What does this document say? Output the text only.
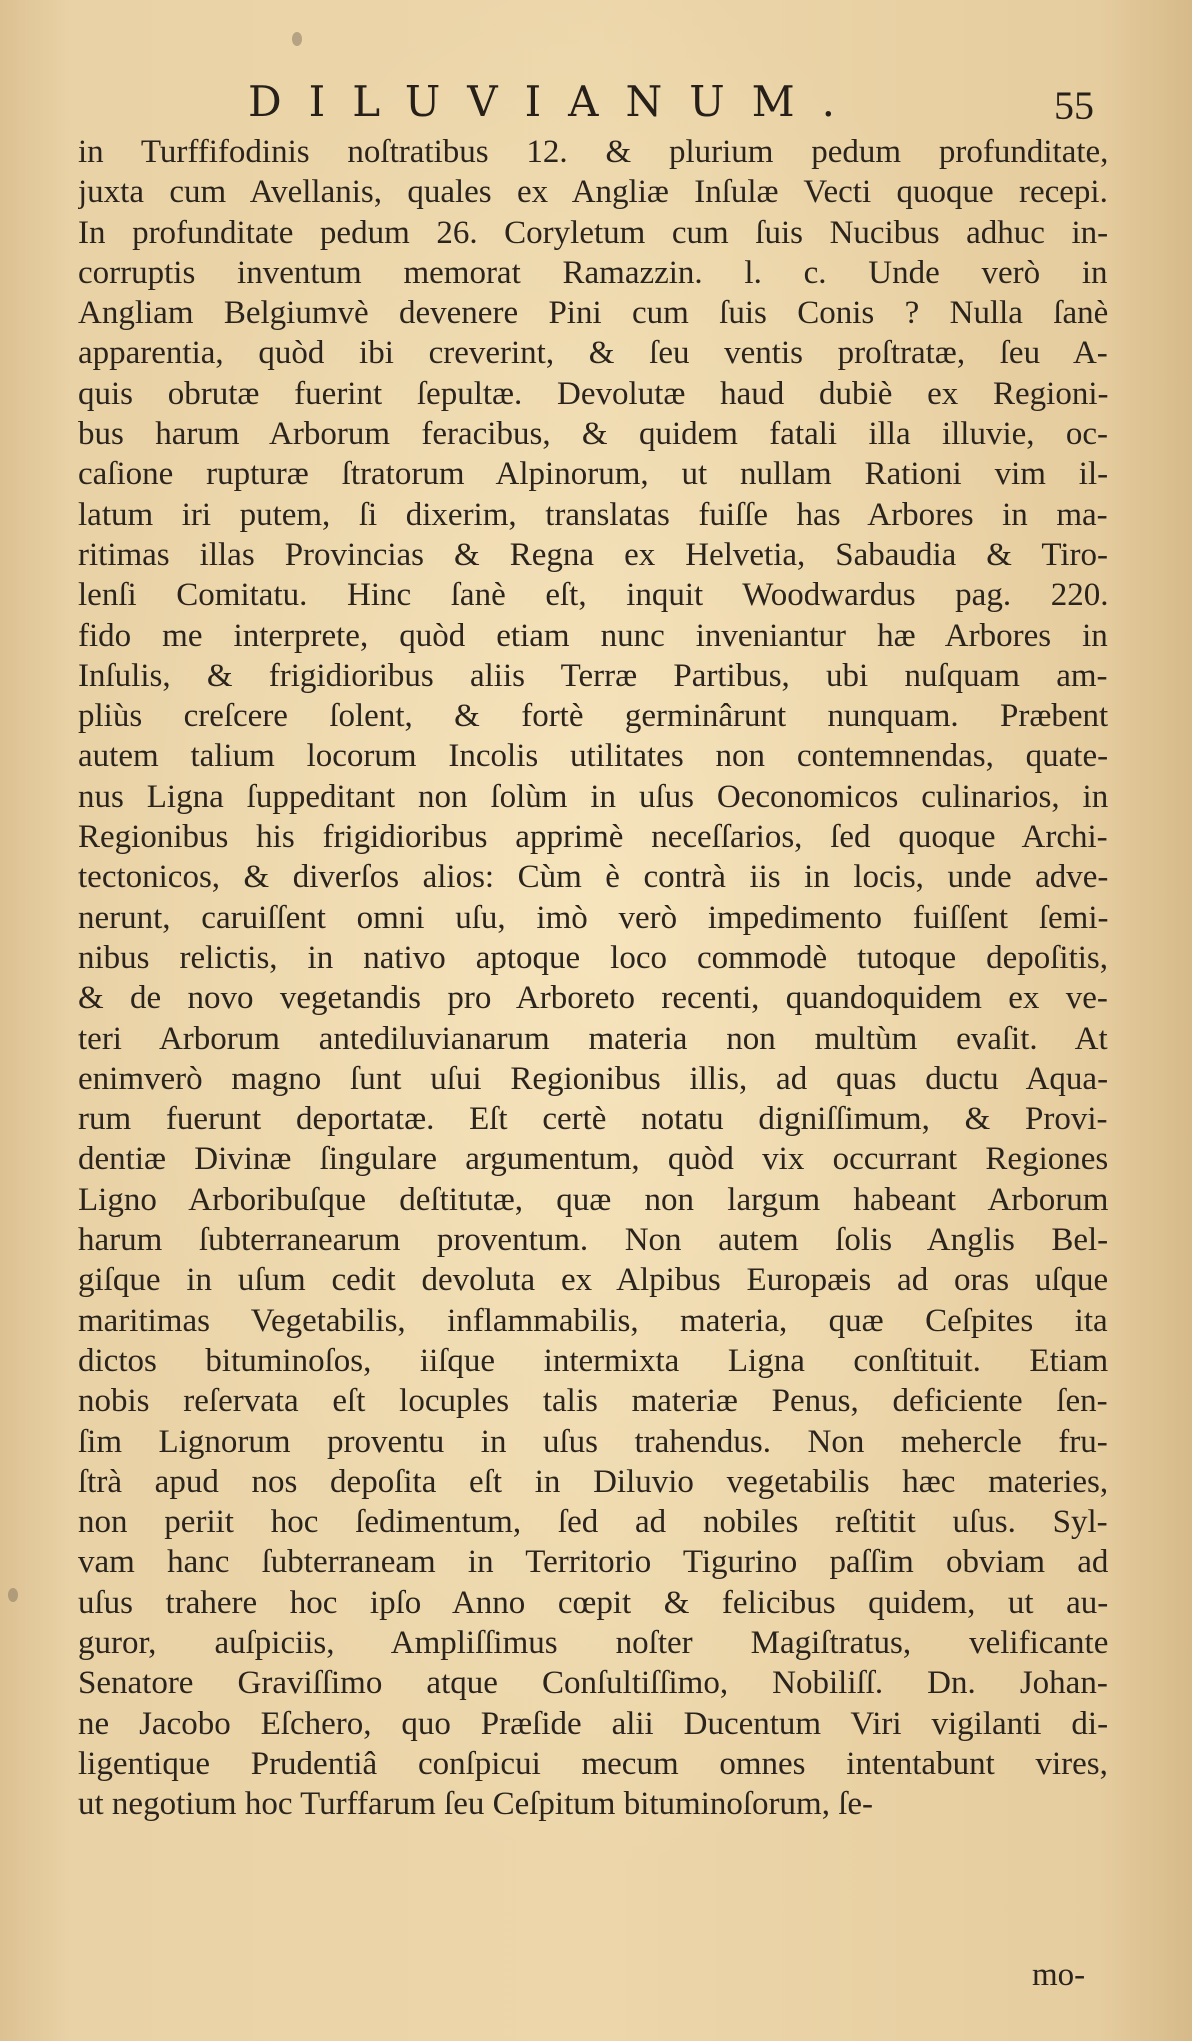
DILUVIANUM.	55
in Turffifodinis noſtratibus 12. & plurium pedum profunditate,
juxta cum Avellanis, quales ex Angliæ Inſulæ Vecti quoque recepi.
In profunditate pedum 26. Coryletum cum ſuis Nucibus adhuc in-
corruptis inventum memorat Ramazzin. l. c. Unde verò in
Angliam Belgiumvè devenere Pini cum ſuis Conis ? Nulla ſanè
apparentia, quòd ibi creverint, & ſeu ventis proſtratæ, ſeu A-
quis obrutæ fuerint ſepultæ. Devolutæ haud dubiè ex Regioni-
bus harum Arborum feracibus, & quidem fatali illa illuvie, oc-
caſione rupturæ ſtratorum Alpinorum, ut nullam Rationi vim il-
latum iri putem, ſi dixerim, translatas fuiſſe has Arbores in ma-
ritimas illas Provincias & Regna ex Helvetia, Sabaudia & Tiro-
lenſi Comitatu. Hinc ſanè eſt, inquit Woodwardus pag. 220.
fido me interprete, quòd etiam nunc inveniantur hæ Arbores in
Inſulis, & frigidioribus aliis Terræ Partibus, ubi nuſquam am-
pliùs creſcere ſolent, & fortè germinârunt nunquam. Præbent
autem talium locorum Incolis utilitates non contemnendas, quate-
nus Ligna ſuppeditant non ſolùm in uſus Oeconomicos culinarios, in
Regionibus his frigidioribus apprimè neceſſarios, ſed quoque Archi-
tectonicos, & diverſos alios: Cùm è contrà iis in locis, unde adve-
nerunt, caruiſſent omni uſu, imò verò impedimento fuiſſent ſemi-
nibus relictis, in nativo aptoque loco commodè tutoque depoſitis,
& de novo vegetandis pro Arboreto recenti, quandoquidem ex ve-
teri Arborum antediluvianarum materia non multùm evaſit. At
enimverò magno ſunt uſui Regionibus illis, ad quas ductu Aqua-
rum fuerunt deportatæ. Eſt certè notatu digniſſimum, & Provi-
dentiæ Divinæ ſingulare argumentum, quòd vix occurrant Regiones
Ligno Arboribuſque deſtitutæ, quæ non largum habeant Arborum
harum ſubterranearum proventum. Non autem ſolis Anglis Bel-
giſque in uſum cedit devoluta ex Alpibus Europæis ad oras uſque
maritimas Vegetabilis, inflammabilis, materia, quæ Ceſpites ita
dictos bituminoſos, iiſque intermixta Ligna conſtituit. Etiam
nobis reſervata eſt locuples talis materiæ Penus, deficiente ſen-
ſim Lignorum proventu in uſus trahendus. Non mehercle fru-
ſtrà apud nos depoſita eſt in Diluvio vegetabilis hæc materies,
non periit hoc ſedimentum, ſed ad nobiles reſtitit uſus. Syl-
vam hanc ſubterraneam in Territorio Tigurino paſſim obviam ad
uſus trahere hoc ipſo Anno cœpit & felicibus quidem, ut au-
guror, auſpiciis, Ampliſſimus noſter Magiſtratus, velificante
Senatore Graviſſimo atque Conſultiſſimo, Nobiliſſ. Dn. Johan-
ne Jacobo Eſchero, quo Præſide alii Ducentum Viri vigilanti di-
ligentique Prudentiâ conſpicui mecum omnes intentabunt vires,
ut negotium hoc Turffarum ſeu Ceſpitum bituminoſorum, ſe-
mo-
